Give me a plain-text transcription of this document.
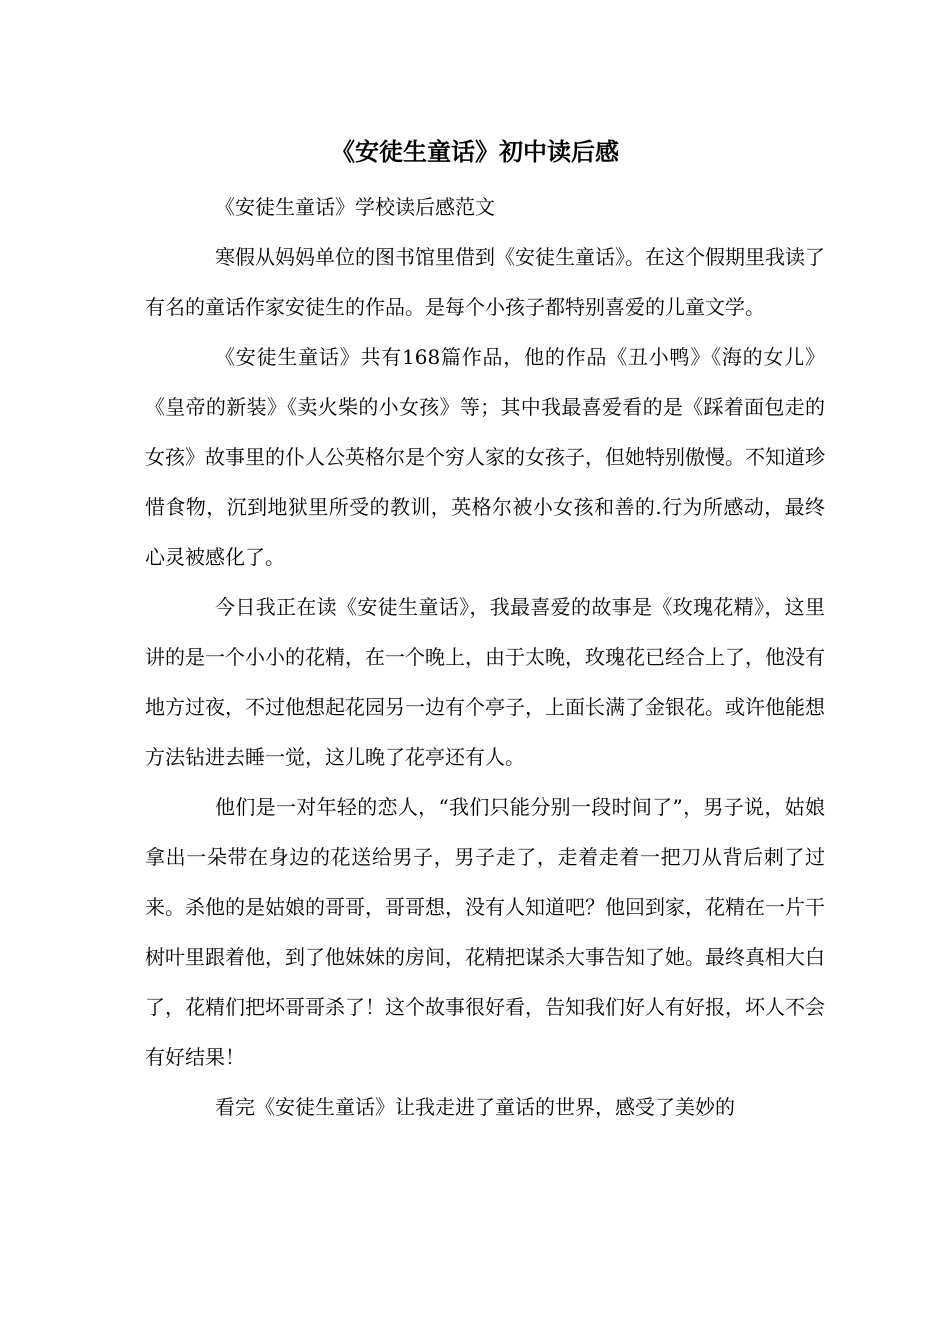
《安徒生童话》初中读后感

《安徒生童话》学校读后感范文

寒假从妈妈单位的图书馆里借到《安徒生童话》。在这个假期里我读了有名的童话作家安徒生的作品。是每个小孩子都特别喜爱的儿童文学。

《安徒生童话》共有168篇作品，他的作品《丑小鸭》《海的女儿》《皇帝的新装》《卖火柴的小女孩》等；其中我最喜爱看的是《踩着面包走的女孩》故事里的仆人公英格尔是个穷人家的女孩子，但她特别傲慢。不知道珍惜食物，沉到地狱里所受的教训，英格尔被小女孩和善的.行为所感动，最终心灵被感化了。

今日我正在读《安徒生童话》，我最喜爱的故事是《玫瑰花精》，这里讲的是一个小小的花精，在一个晚上，由于太晚，玫瑰花已经合上了，他没有地方过夜，不过他想起花园另一边有个亭子，上面长满了金银花。或许他能想方法钻进去睡一觉，这儿晚了花亭还有人。

他们是一对年轻的恋人，“我们只能分别一段时间了”，男子说，姑娘拿出一朵带在身边的花送给男子，男子走了，走着走着一把刀从背后刺了过来。杀他的是姑娘的哥哥，哥哥想，没有人知道吧？他回到家，花精在一片干树叶里跟着他，到了他妹妹的房间，花精把谋杀大事告知了她。最终真相大白了，花精们把坏哥哥杀了！这个故事很好看，告知我们好人有好报，坏人不会有好结果！

看完《安徒生童话》让我走进了童话的世界，感受了美妙的
